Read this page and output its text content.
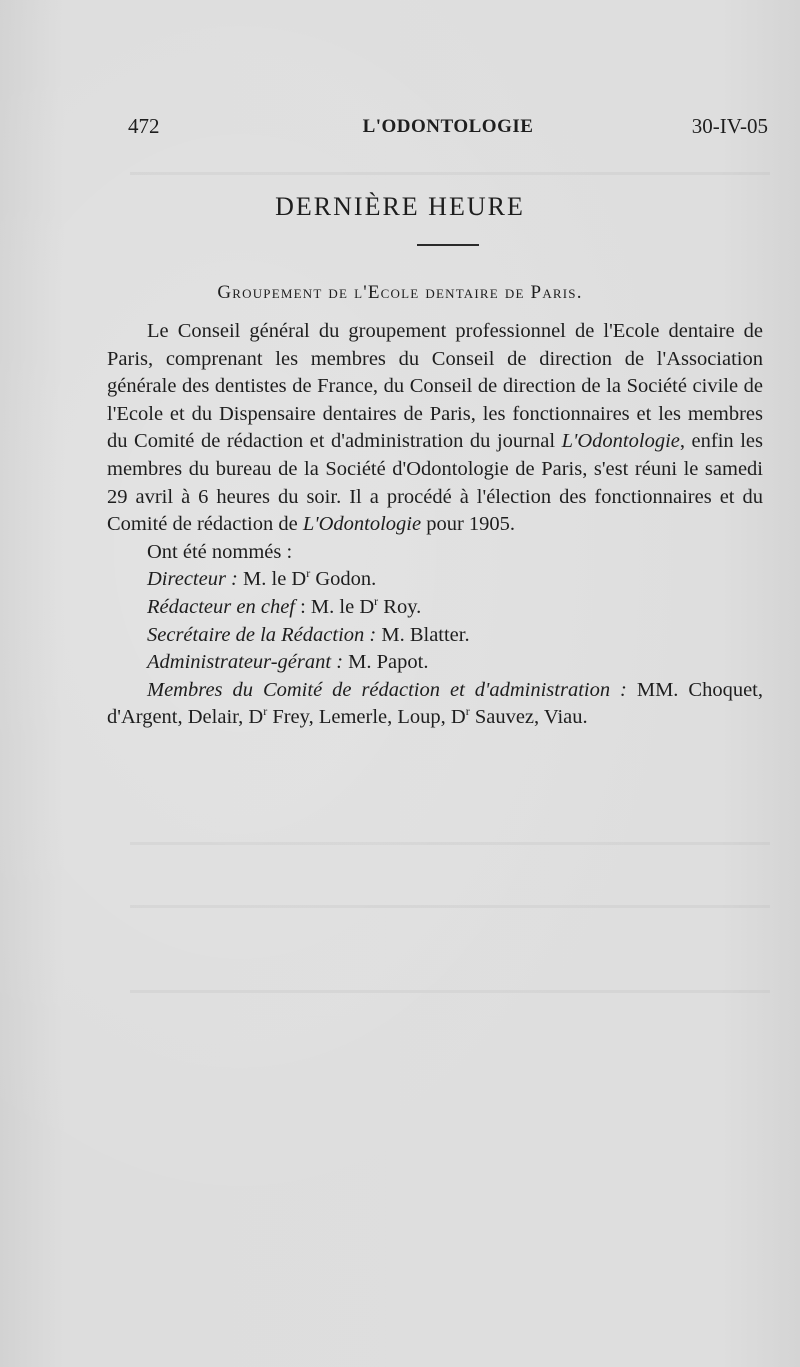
472	L'ODONTOLOGIE	30-IV-05
DERNIÈRE HEURE
Groupement de l'Ecole dentaire de Paris.

Le Conseil général du groupement professionnel de l'Ecole dentaire de Paris, comprenant les membres du Conseil de direction de l'Association générale des dentistes de France, du Conseil de direction de la Société civile de l'Ecole et du Dispensaire dentaires de Paris, les fonctionnaires et les membres du Comité de rédaction et d'administration du journal L'Odontologie, enfin les membres du bureau de la Société d'Odontologie de Paris, s'est réuni le samedi 29 avril à 6 heures du soir. Il a procédé à l'élection des fonctionnaires et du Comité de rédaction de L'Odontologie pour 1905.

Ont été nommés :

Directeur : M. le $D^r$ Godon.

Rédacteur en chef : M. le $D^r$ Roy.

Secrétaire de la Rédaction : M. Blatter.

Administrateur-gérant : M. Papot.

Membres du Comité de rédaction et d'administration : MM. Choquet, d'Argent, Delair, $D^r$ Frey, Lemerle, Loup, $D^r$ Sauvez, Viau.
